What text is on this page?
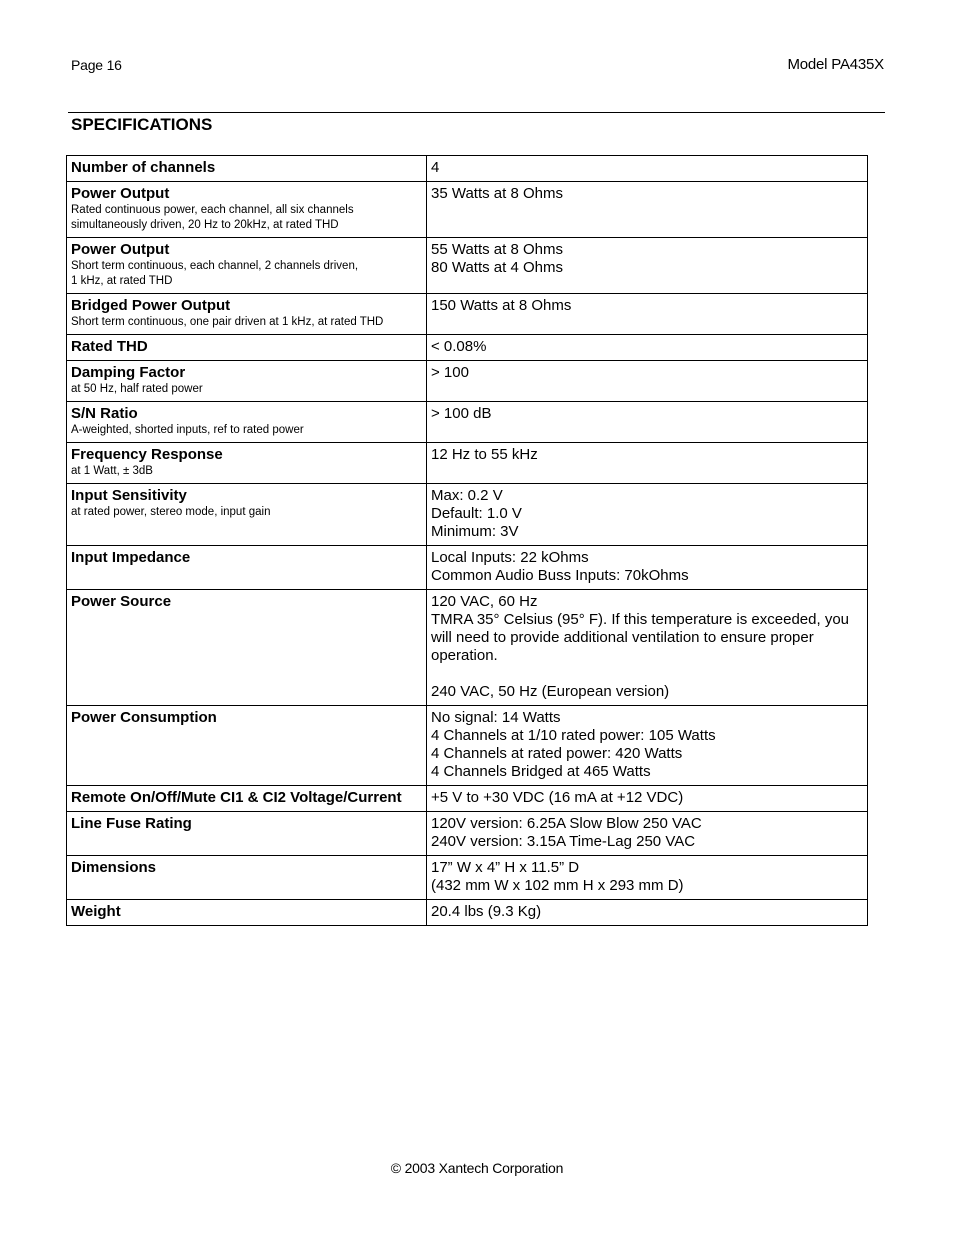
Page 16	Model PA435X
SPECIFICATIONS
Number of channels	4

Power Output
Rated continuous power, each channel, all six channels
simultaneously driven, 20 Hz to 20kHz, at rated THD	35 Watts at 8 Ohms

Power Output
Short term continuous, each channel, 2 channels driven,
1 kHz, at rated THD	55 Watts at 8 Ohms
80 Watts at 4 Ohms

Bridged Power Output
Short term continuous, one pair driven at 1 kHz, at rated THD	150 Watts at 8 Ohms

Rated THD	< 0.08%

Damping Factor
at 50 Hz, half rated power	> 100

S/N Ratio
A-weighted, shorted inputs, ref to rated power	> 100 dB

Frequency Response
at 1 Watt, ± 3dB	12 Hz to 55 kHz

Input Sensitivity
at rated power, stereo mode, input gain	Max: 0.2 V
Default: 1.0 V
Minimum: 3V

Input Impedance	Local Inputs: 22 kOhms
Common Audio Buss Inputs: 70kOhms

Power Source	120 VAC, 60 Hz
TMRA 35° Celsius (95° F). If this temperature is exceeded, you will need to provide additional ventilation to ensure proper operation.
240 VAC, 50 Hz (European version)

Power Consumption	No signal: 14 Watts
4 Channels at 1/10 rated power: 105 Watts
4 Channels at rated power: 420 Watts
4 Channels Bridged at 465 Watts

Remote On/Off/Mute CI1 & CI2 Voltage/Current	+5 V to +30 VDC (16 mA at +12 VDC)

Line Fuse Rating	120V version: 6.25A Slow Blow 250 VAC
240V version: 3.15A Time-Lag 250 VAC

Dimensions	17” W x 4” H x 11.5” D
(432 mm W x 102 mm H x 293 mm D)

Weight	20.4 lbs (9.3 Kg)
© 2003 Xantech Corporation
